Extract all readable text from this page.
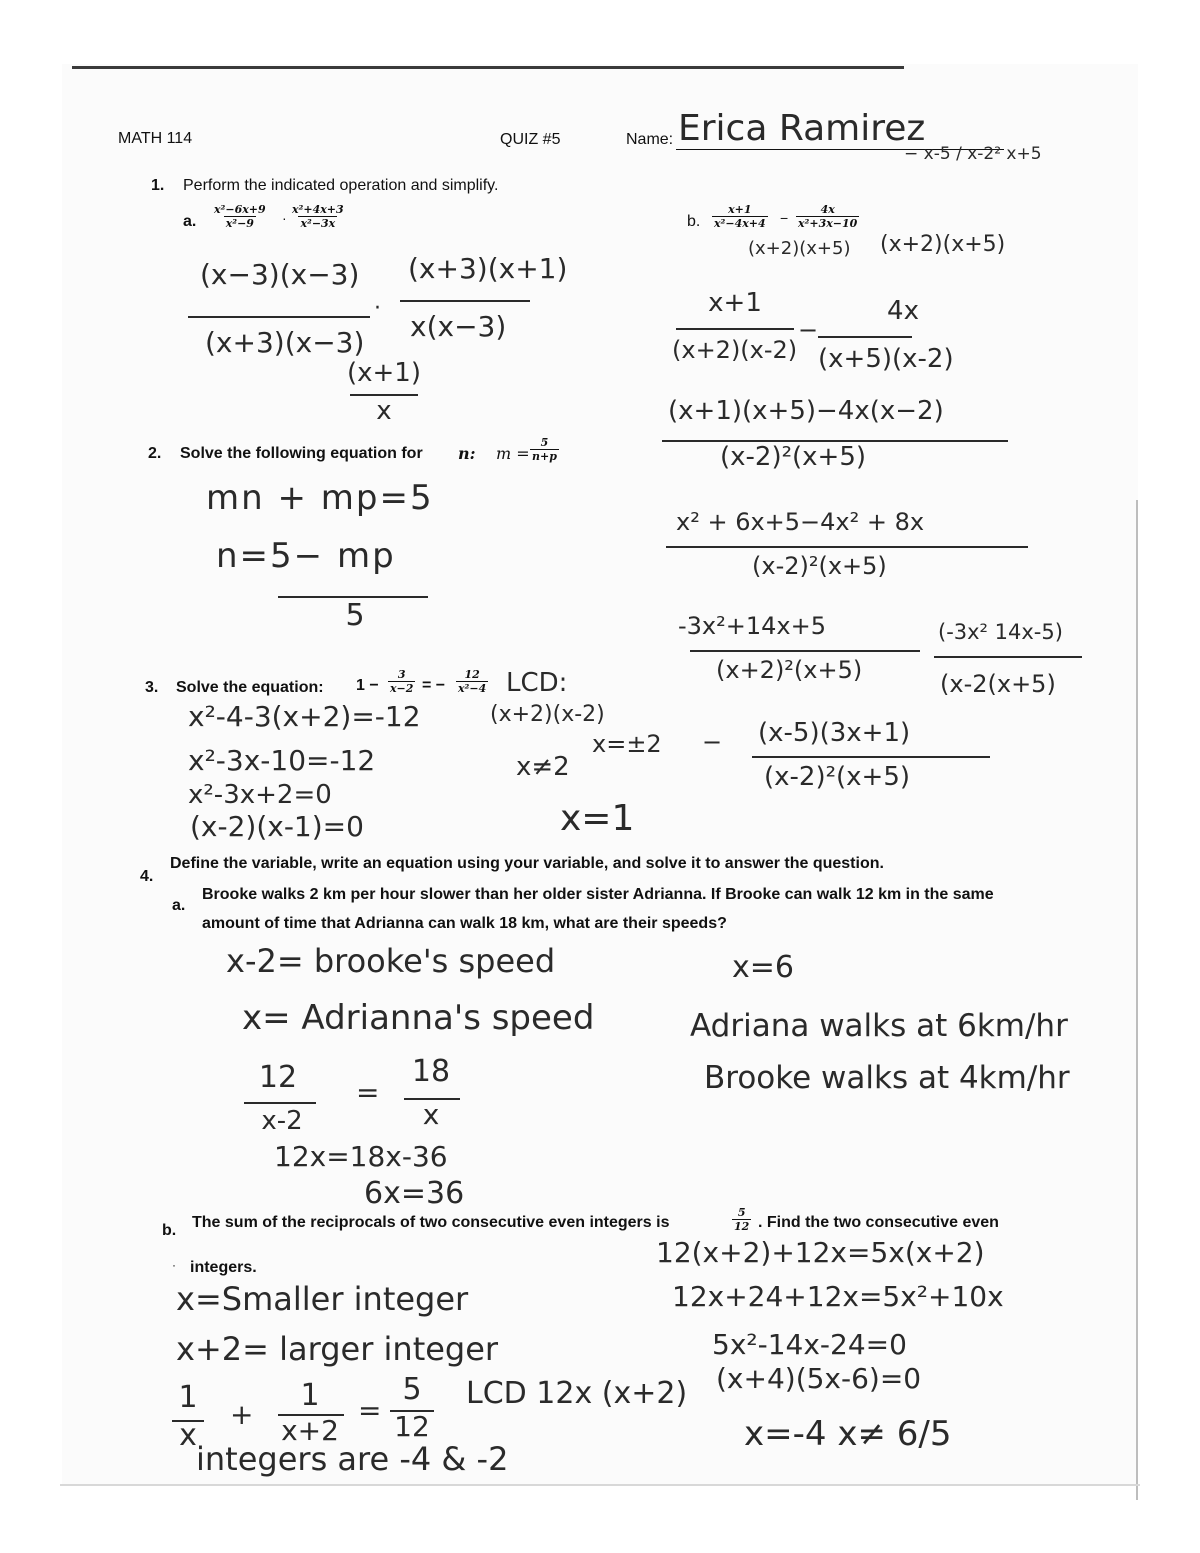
MATH 114	QUIZ #5	Name: Erica Ramirez
1. Perform the indicated operation and simplify.
a. $\frac{\text{x²−6x+9}}{\text{x²−9}} \cdot \frac{\text{x²+4x+3}}{\text{x²−3x}}$
(x−3)(x−3)
(x+3)(x−3)
·
(x+3)(x+1)
x(x−3)
(x+1)
x
b. $\frac{x+1}{\text{x²−4x+4}} - \frac{4x}{\text{x²+3x−10}}$
− x-5 / x-2² x+5
(x+2)(x+5) (x+2)(x+5)
x+1
(x+2)(x-2)
−
4x
(x+5)(x-2)
(x+1)(x+5)−4x(x−2)
(x-2)²(x+5)
x² + 6x+5−4x² + 8x
(x-2)²(x+5)
-3x²+14x+5
(x+2)²(x+5)
(-3x² 14x-5)
(x-2(x+5)
− (x-5)(3x+1)
(x-2)²(x+5)
2. Solve the following equation for n: $m = \frac{5}{n+p}$
mn + mp=5
n=5− mp
5
3. Solve the equation: $1 - \frac{3}{x-2}$ = − $\frac{12}{\text{x²−4}}$ LCD:
(x+2)(x-2)
x²-4-3(x+2)=-12
x²-3x-10=-12
x²-3x+2=0
(x-2)(x-1)=0
x≠2
x=±2
x=1
4.
Define the variable, write an equation using your variable, and solve it to answer the question.
a.
Brooke walks 2 km per hour slower than her older sister Adrianna. If Brooke can walk 12 km in the same
amount of time that Adrianna can walk 18 km, what are their speeds?
x-2= brooke's speed
x= Adrianna's speed
12
x-2
=
18
x
12x=18x-36
6x=36
x=6
Adriana walks at 6km/hr
Brooke walks at 4km/hr
b. The sum of the reciprocals of two consecutive even integers is	$\frac{5}{12}$ . Find the two consecutive even
· integers.
x=Smaller integer
x+2= larger integer
1
x
+
1
x+2
=
5
12
LCD 12x (x+2)
integers are -4 & -2
12(x+2)+12x=5x(x+2)
12x+24+12x=5x²+10x
5x²-14x-24=0
(x+4)(5x-6)=0
x=-4 x≠ 6/5
